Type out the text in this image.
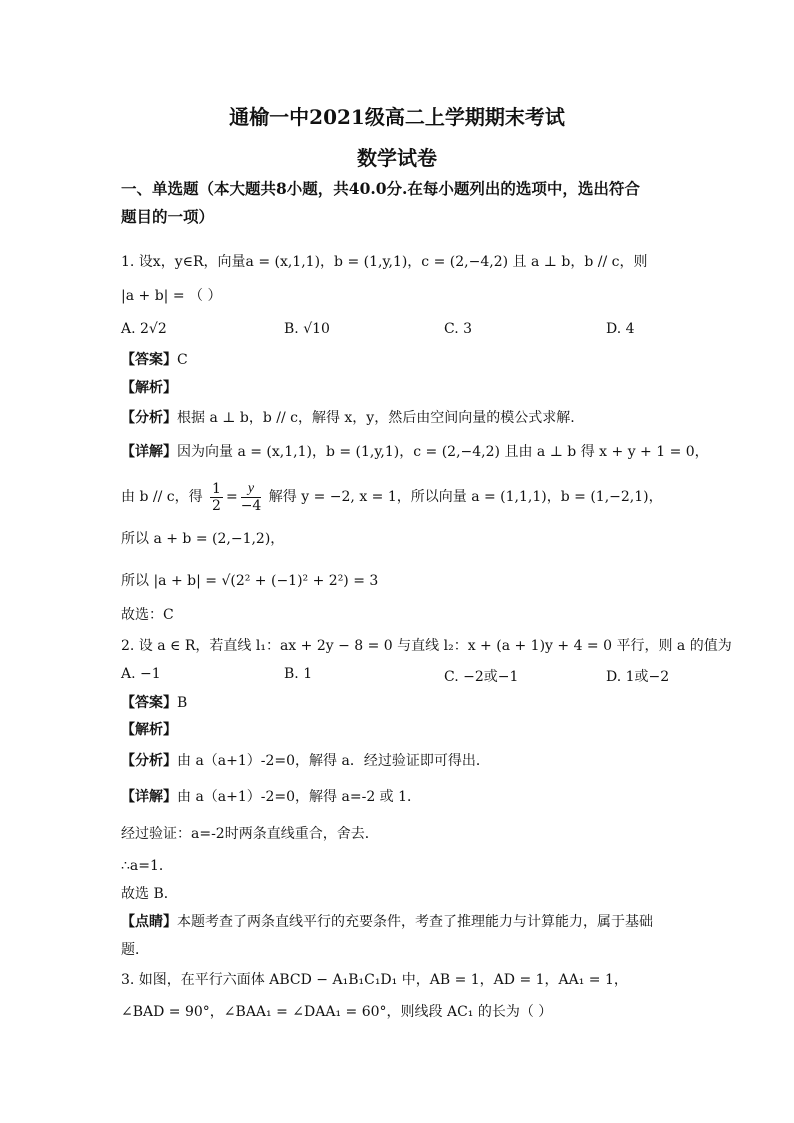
通榆一中2021级高二上学期期末考试
数学试卷
一、单选题（本大题共8小题，共40.0分.在每小题列出的选项中，选出符合
题目的一项）
1. 设x，y∈R，向量a = (x,1,1)，b = (1,y,1)，c = (2,−4,2) 且 a ⊥ b，b // c，则
|a + b| = （ ）
A. 2√2	B. √10	C. 3	D. 4
【答案】C
【解析】
【分析】根据 a ⊥ b，b // c，解得 x，y，然后由空间向量的模公式求解.
【详解】因为向量 a = (x,1,1)，b = (1,y,1)，c = (2,−4,2) 且由 a ⊥ b 得 x + y + 1 = 0，
由 b // c，得 $\frac{1}{2} = \frac{y}{-4}$ 解得 y = −2, x = 1，所以向量 a = (1,1,1)，b = (1,−2,1)，
所以 a + b = (2,−1,2)，
所以 |a + b| = √(2² + (−1)² + 2²) = 3
故选：C
2. 设 a ∈ R，若直线 l₁：ax + 2y − 8 = 0 与直线 l₂：x + (a + 1)y + 4 = 0 平行，则 a 的值为
A. −1	B. 1	C. −2或−1	D. 1或−2
【答案】B
【解析】
【分析】由 a（a+1）-2=0，解得 a．经过验证即可得出．
【详解】由 a（a+1）-2=0，解得 a=-2 或 1．
经过验证：a=-2时两条直线重合，舍去．
∴a=1．
故选 B．
【点睛】本题考查了两条直线平行的充要条件，考查了推理能力与计算能力，属于基础
题．
3. 如图，在平行六面体 ABCD − A₁B₁C₁D₁ 中，AB = 1，AD = 1，AA₁ = 1，
∠BAD = 90°，∠BAA₁ = ∠DAA₁ = 60°，则线段 AC₁ 的长为（ ）
